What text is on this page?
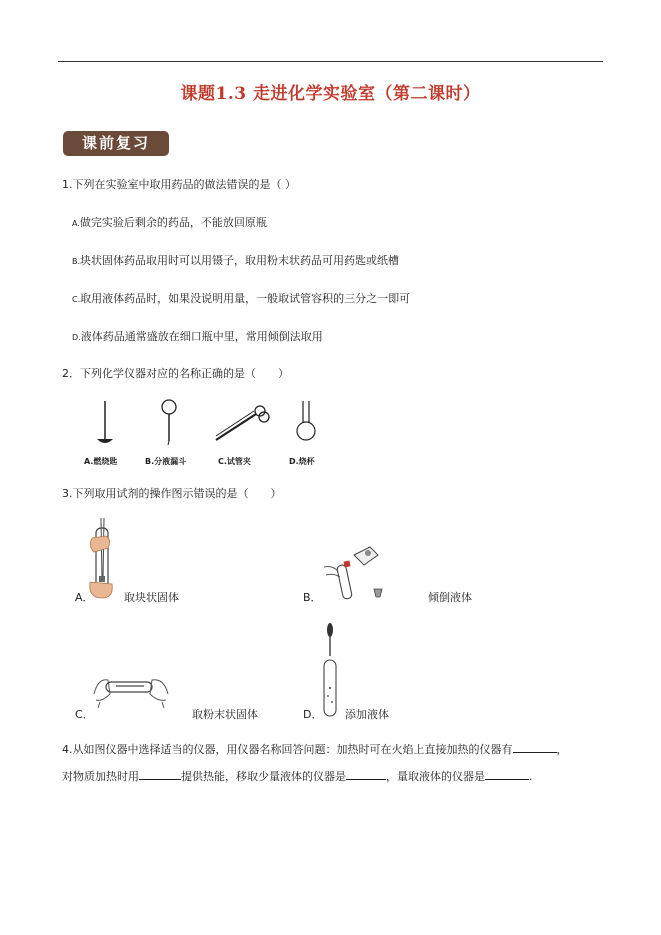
课题1.3 走进化学实验室（第二课时）
课前复习
1.下列在实验室中取用药品的做法错误的是（ ）
A.做完实验后剩余的药品，不能放回原瓶
B.块状固体药品取用时可以用镊子，取用粉末状药品可用药匙或纸槽
C.取用液体药品时，如果没说明用量，一般取试管容积的三分之一即可
D.液体药品通常盛放在细口瓶中里，常用倾倒法取用
2．下列化学仪器对应的名称正确的是（　　）
A.燃烧匙	B.分液漏斗	C.试管夹	D.烧杯
3.下列取用试剂的操作图示错误的是（　　）
A．	取块状固体	B．	倾倒液体
C．	取粉末状固体	D． 添加液体
4.从如图仪器中选择适当的仪器，用仪器名称回答问题：加热时可在火焰上直接加热的仪器有	，
对物质加热时用	提供热能，移取少量液体的仪器是	，量取液体的仪器是	.
